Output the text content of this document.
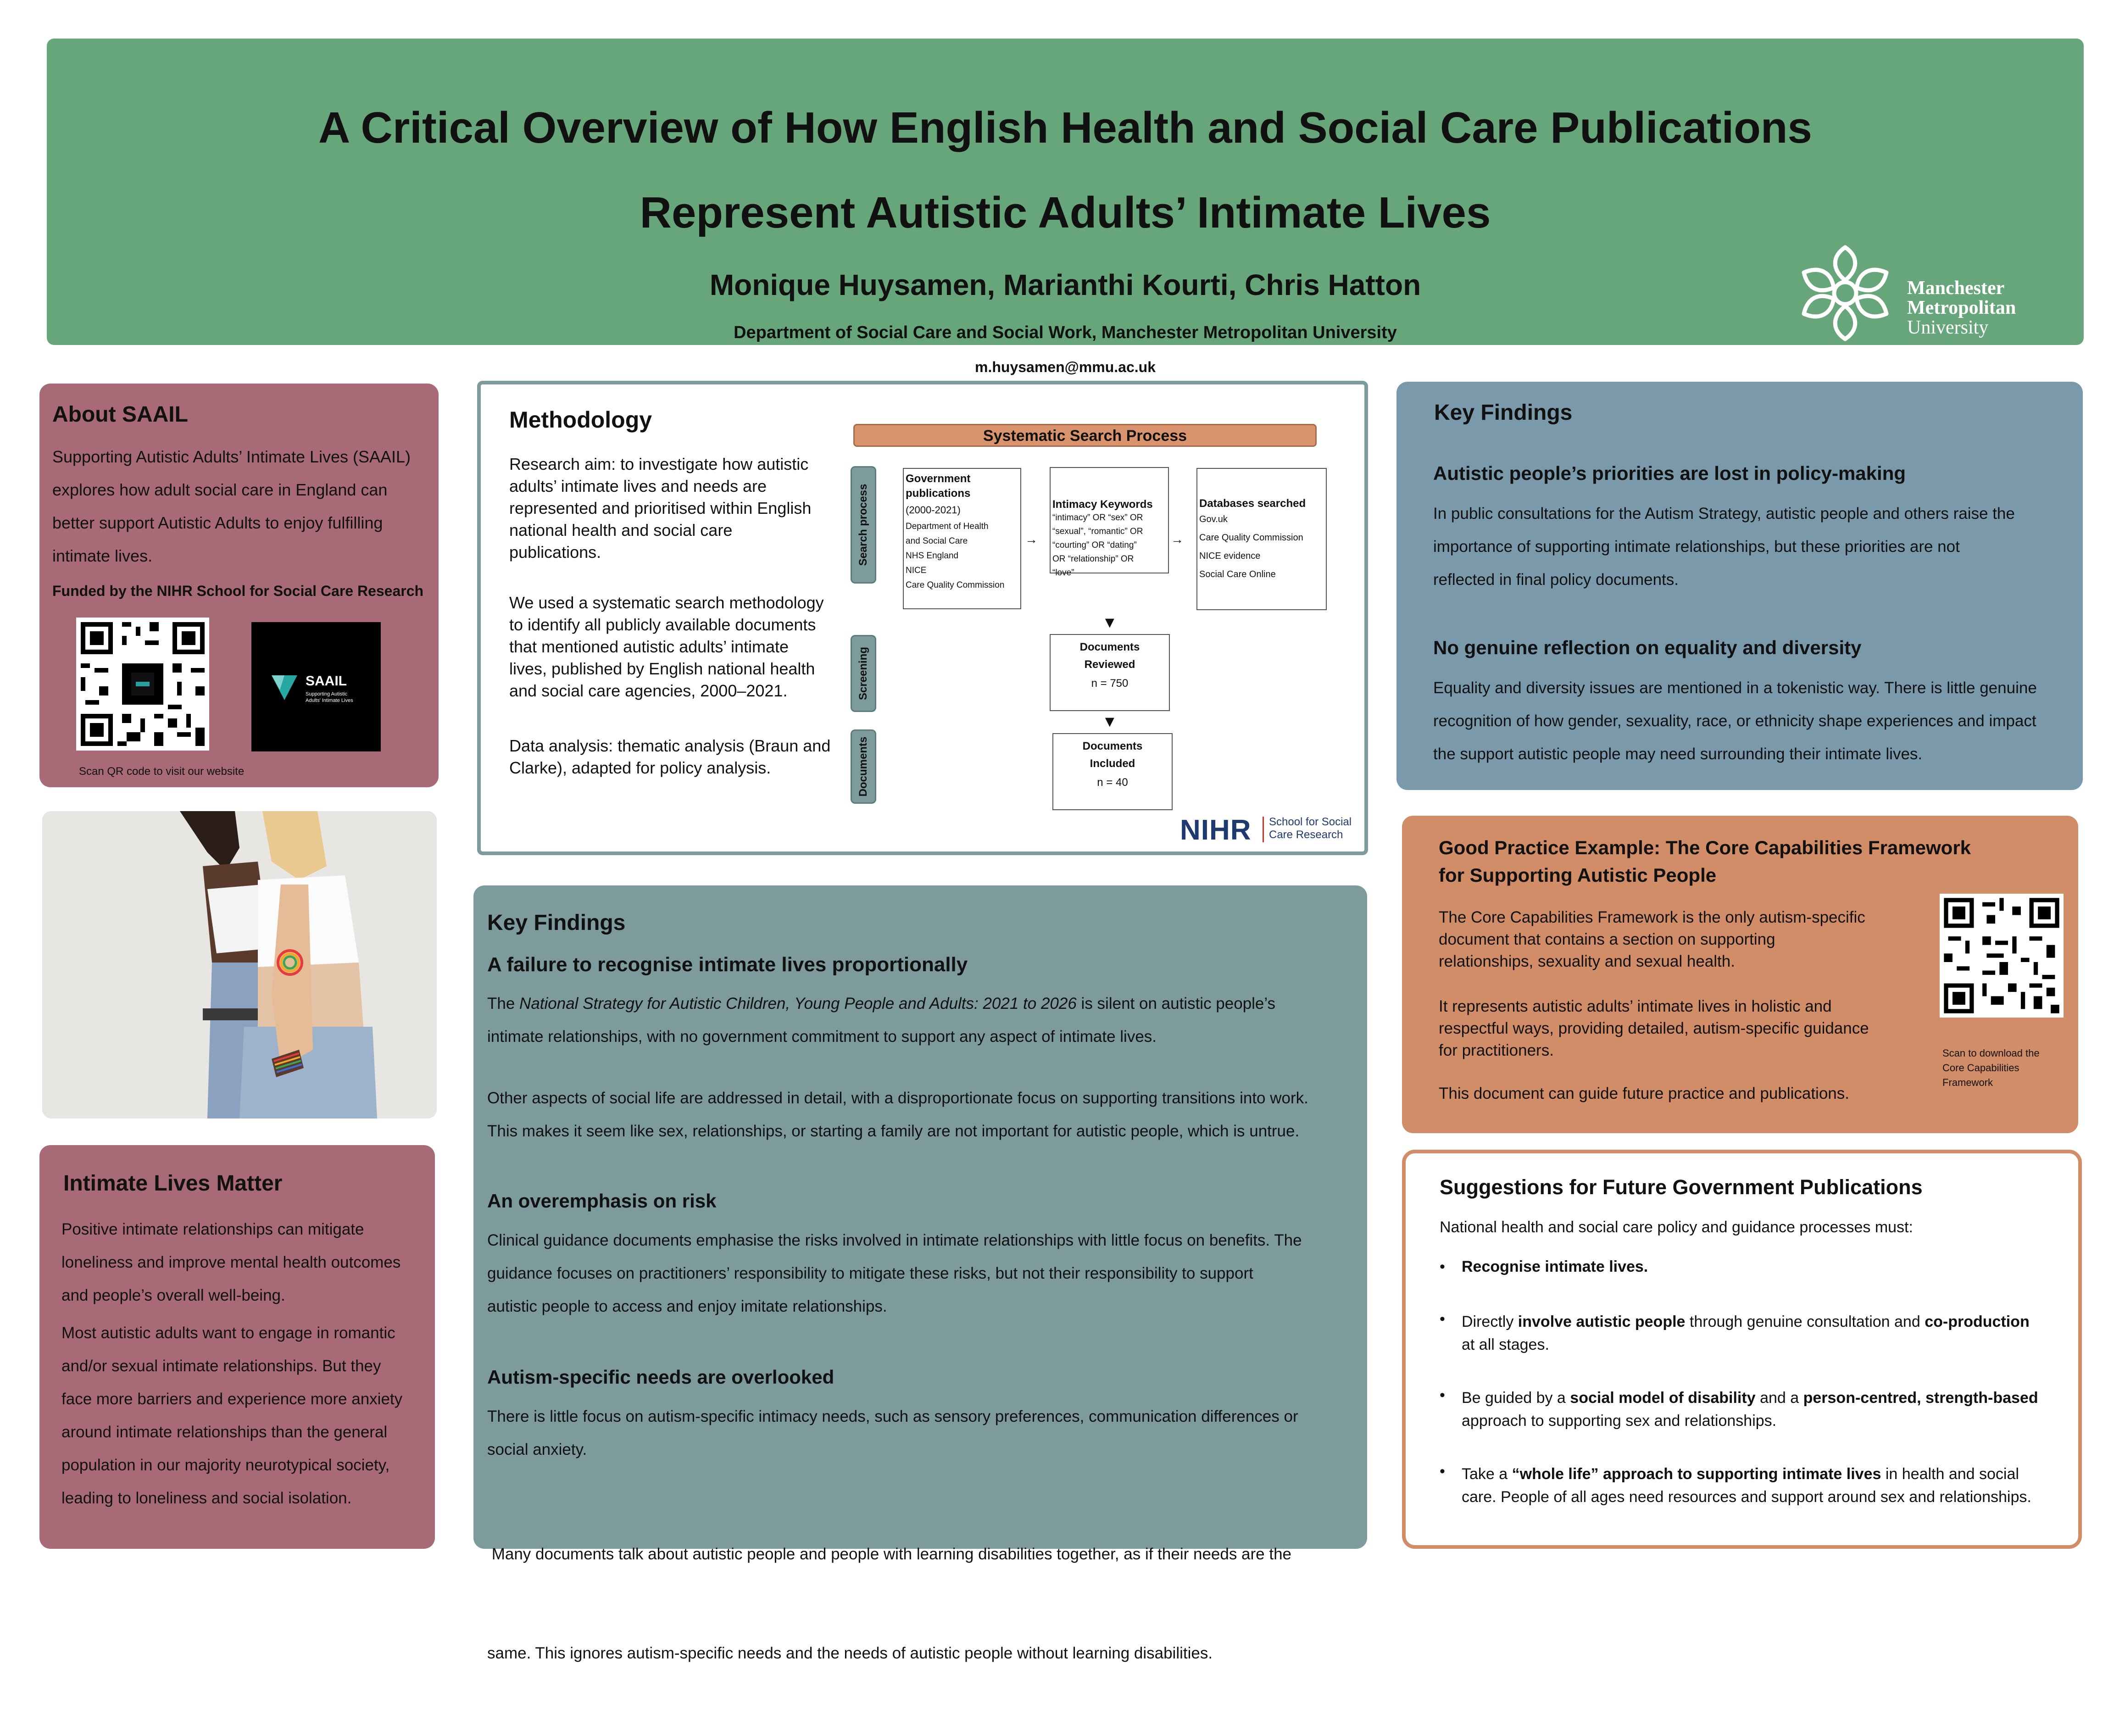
A Critical Overview of How English Health and Social Care Publications
Represent Autistic Adults’ Intimate Lives
Monique Huysamen, Marianthi Kourti, Chris Hatton
Department of Social Care and Social Work, Manchester Metropolitan University
m.huysamen@mmu.ac.uk
Manchester
Metropolitan
University
About SAAIL
Supporting Autistic Adults’ Intimate Lives (SAAIL)
explores how adult social care in England can
better support Autistic Adults to enjoy fulfilling
intimate lives.
Funded by the NIHR School for Social Care Research
SAAIL
Supporting Autistic
Adults' Intimate Lives
Scan QR code to visit our website
Intimate Lives Matter
Positive intimate relationships can mitigate
loneliness and improve mental health outcomes
and people’s overall well-being.
Most autistic adults want to engage in romantic
and/or sexual intimate relationships. But they
face more barriers and experience more anxiety
around intimate relationships than the general
population in our majority neurotypical society,
leading to loneliness and social isolation.
Methodology
Research aim: to investigate how autistic
adults’ intimate lives and needs are
represented and prioritised within English
national health and social care
publications.
We used a systematic search methodology
to identify all publicly available documents
that mentioned autistic adults’ intimate
lives, published by English national health
and social care agencies, 2000–2021.
Data analysis: thematic analysis (Braun and
Clarke), adapted for policy analysis.
Systematic Search Process
Search process
Screening
Documents
Government
publications
(2000-2021)
Department of Health
and Social Care
NHS England
NICE
Care Quality Commission
→
Intimacy Keywords
“intimacy” OR “sex” OR
“sexual”, “romantic” OR
“courting” OR “dating”
OR “relationship” OR
“love”
→
Databases searched
Gov.uk
Care Quality Commission
NICE evidence
Social Care Online
▼
Documents
Reviewed
n = 750
▼
Documents
Included
n = 40
NIHR School for Social
Care Research
Key Findings
A failure to recognise intimate lives proportionally
The National Strategy for Autistic Children, Young People and Adults: 2021 to 2026 is silent on autistic people’s
intimate relationships, with no government commitment to support any aspect of intimate lives.
Other aspects of social life are addressed in detail, with a disproportionate focus on supporting transitions into work.
This makes it seem like sex, relationships, or starting a family are not important for autistic people, which is untrue.
An overemphasis on risk
Clinical guidance documents emphasise the risks involved in intimate relationships with little focus on benefits. The
guidance focuses on practitioners’ responsibility to mitigate these risks, but not their responsibility to support
autistic people to access and enjoy imitate relationships.
Autism-specific needs are overlooked
There is little focus on autism-specific intimacy needs, such as sensory preferences, communication differences or
social anxiety.

Many documents talk about autistic people and people with learning disabilities together, as if their needs are the

same. This ignores autism-specific needs and the needs of autistic people without learning disabilities.

Key Findings
Autistic people’s priorities are lost in policy-making
In public consultations for the Autism Strategy, autistic people and others raise the
importance of supporting intimate relationships, but these priorities are not
reflected in final policy documents.
No genuine reflection on equality and diversity
Equality and diversity issues are mentioned in a tokenistic way. There is little genuine
recognition of how gender, sexuality, race, or ethnicity shape experiences and impact
the support autistic people may need surrounding their intimate lives.
Good Practice Example: The Core Capabilities Framework
for Supporting Autistic People
The Core Capabilities Framework is the only autism-specific
document that contains a section on supporting
relationships, sexuality and sexual health.
It represents autistic adults’ intimate lives in holistic and
respectful ways, providing detailed, autism-specific guidance
for practitioners.
This document can guide future practice and publications.
Scan to download the
Core Capabilities
Framework
Suggestions for Future Government Publications
National health and social care policy and guidance processes must:
• Recognise intimate lives.
• Directly involve autistic people through genuine consultation and co-production
at all stages.
• Be guided by a social model of disability and a person-centred, strength-based
approach to supporting sex and relationships.
• Take a “whole life” approach to supporting intimate lives in health and social
care. People of all ages need resources and support around sex and relationships.
